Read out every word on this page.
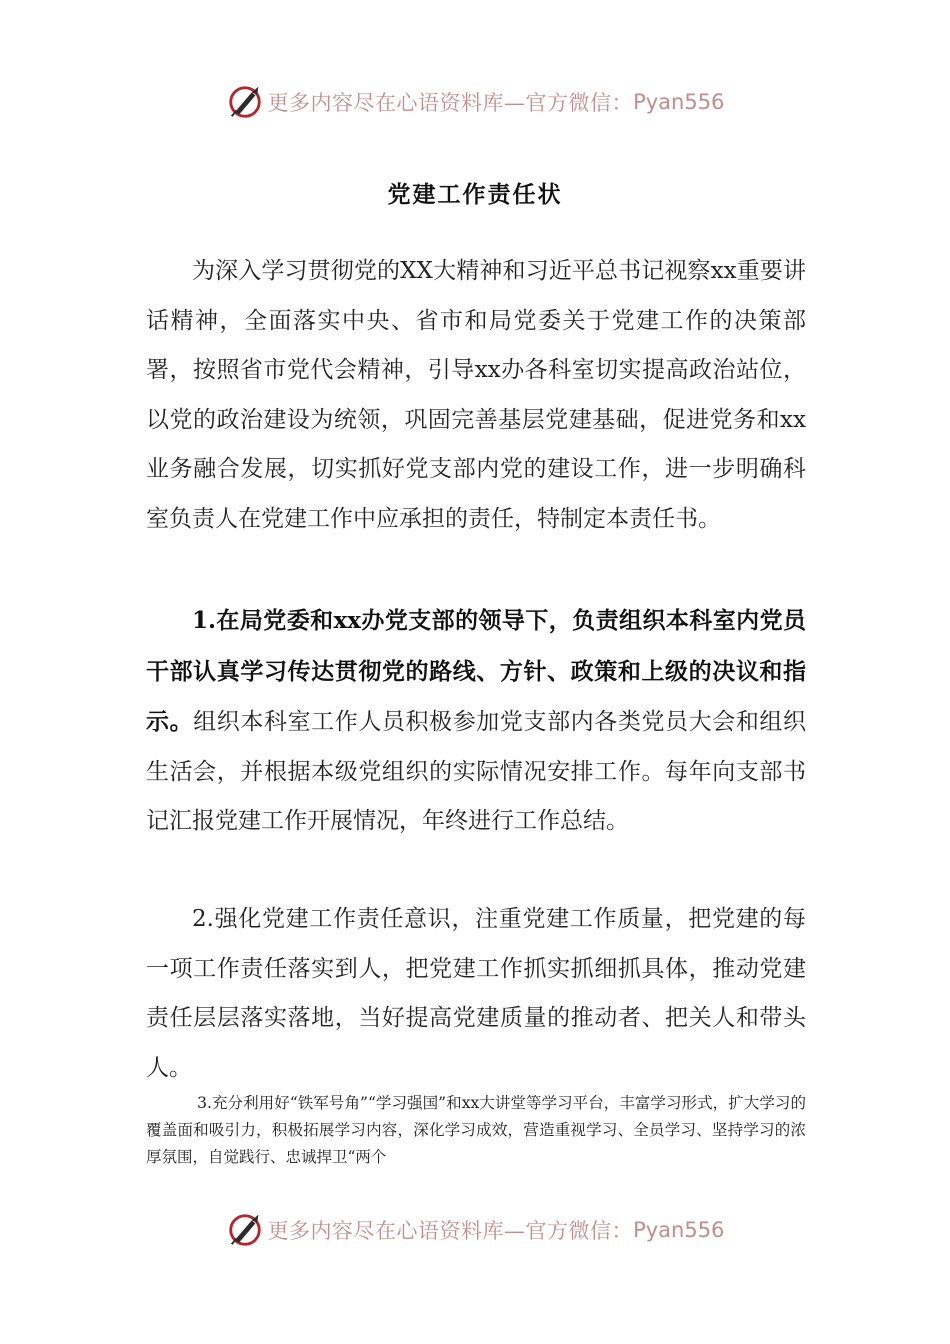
更多内容尽在心语资料库—官方微信： Pyan556
党建工作责任状

为深入学习贯彻党的XX大精神和习近平总书记视察xx重要讲话精神，全面落实中央、省市和局党委关于党建工作的决策部署，按照省市党代会精神，引导xx办各科室切实提高政治站位，以党的政治建设为统领，巩固完善基层党建基础，促进党务和xx业务融合发展，切实抓好党支部内党的建设工作，进一步明确科室负责人在党建工作中应承担的责任，特制定本责任书。

1.在局党委和xx办党支部的领导下，负责组织本科室内党员干部认真学习传达贯彻党的路线、方针、政策和上级的决议和指示。组织本科室工作人员积极参加党支部内各类党员大会和组织生活会，并根据本级党组织的实际情况安排工作。每年向支部书记汇报党建工作开展情况，年终进行工作总结。

2.强化党建工作责任意识，注重党建工作质量，把党建的每一项工作责任落实到人，把党建工作抓实抓细抓具体，推动党建责任层层落实落地，当好提高党建质量的推动者、把关人和带头人。

3.充分利用好“铁军号角”“学习强国”和xx大讲堂等学习平台，丰富学习形式，扩大学习的覆盖面和吸引力，积极拓展学习内容，深化学习成效，营造重视学习、全员学习、坚持学习的浓厚氛围，自觉践行、忠诚捍卫“两个

更多内容尽在心语资料库—官方微信： Pyan556
